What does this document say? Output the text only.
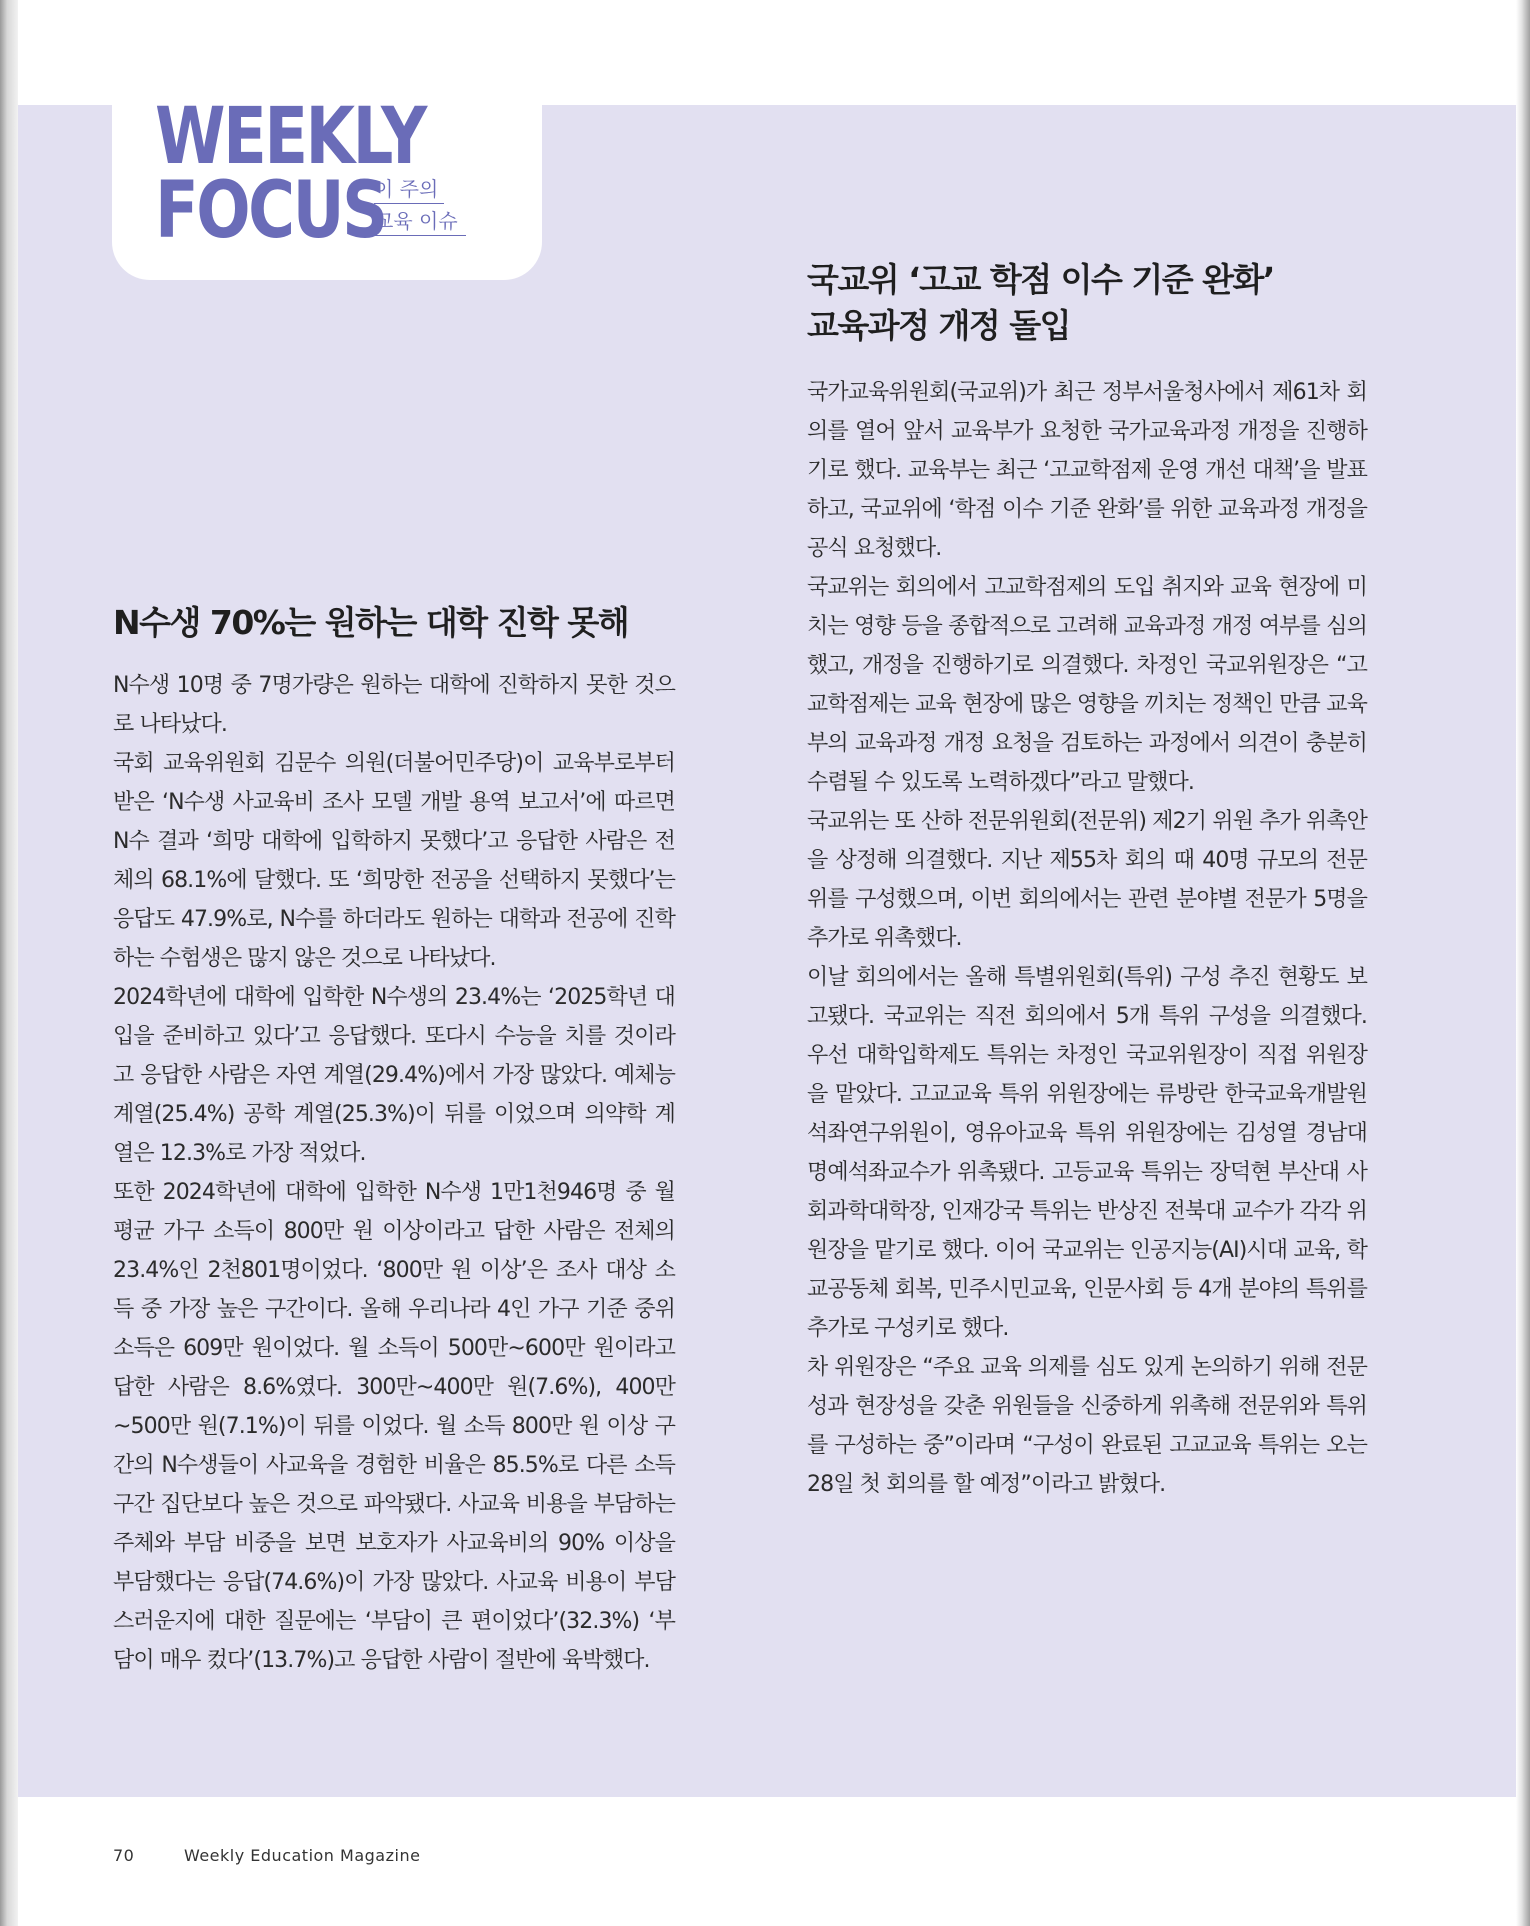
WEEKLY
FOCUS
이 주의
교육 이슈
N수생 70%는 원하는 대학 진학 못해

N수생 10명 중 7명가량은 원하는 대학에 진학하지 못한 것으로 나타났다.

국회 교육위원회 김문수 의원(더불어민주당)이 교육부로부터 받은 ‘N수생 사교육비 조사 모델 개발 용역 보고서’에 따르면 N수 결과 ‘희망 대학에 입학하지 못했다’고 응답한 사람은 전체의 68.1%에 달했다. 또 ‘희망한 전공을 선택하지 못했다’는 응답도 47.9%로, N수를 하더라도 원하는 대학과 전공에 진학하는 수험생은 많지 않은 것으로 나타났다.

2024학년에 대학에 입학한 N수생의 23.4%는 ‘2025학년 대입을 준비하고 있다’고 응답했다. 또다시 수능을 치를 것이라고 응답한 사람은 자연 계열(29.4%)에서 가장 많았다. 예체능 계열(25.4%) 공학 계열(25.3%)이 뒤를 이었으며 의약학 계열은 12.3%로 가장 적었다.

또한 2024학년에 대학에 입학한 N수생 1만1천946명 중 월평균 가구 소득이 800만 원 이상이라고 답한 사람은 전체의 23.4%인 2천801명이었다. ‘800만 원 이상’은 조사 대상 소득 중 가장 높은 구간이다. 올해 우리나라 4인 가구 기준 중위 소득은 609만 원이었다. 월 소득이 500만~600만 원이라고 답한 사람은 8.6%였다. 300만~400만 원(7.6%), 400만~500만 원(7.1%)이 뒤를 이었다. 월 소득 800만 원 이상 구간의 N수생들이 사교육을 경험한 비율은 85.5%로 다른 소득 구간 집단보다 높은 것으로 파악됐다. 사교육 비용을 부담하는 주체와 부담 비중을 보면 보호자가 사교육비의 90% 이상을 부담했다는 응답(74.6%)이 가장 많았다. 사교육 비용이 부담스러운지에 대한 질문에는 ‘부담이 큰 편이었다’(32.3%) ‘부담이 매우 컸다’(13.7%)고 응답한 사람이 절반에 육박했다.

국교위 ‘고교 학점 이수 기준 완화’
교육과정 개정 돌입

국가교육위원회(국교위)가 최근 정부서울청사에서 제61차 회의를 열어 앞서 교육부가 요청한 국가교육과정 개정을 진행하기로 했다. 교육부는 최근 ‘고교학점제 운영 개선 대책’을 발표하고, 국교위에 ‘학점 이수 기준 완화’를 위한 교육과정 개정을 공식 요청했다.

국교위는 회의에서 고교학점제의 도입 취지와 교육 현장에 미치는 영향 등을 종합적으로 고려해 교육과정 개정 여부를 심의했고, 개정을 진행하기로 의결했다. 차정인 국교위원장은 “고교학점제는 교육 현장에 많은 영향을 끼치는 정책인 만큼 교육부의 교육과정 개정 요청을 검토하는 과정에서 의견이 충분히 수렴될 수 있도록 노력하겠다”라고 말했다.

국교위는 또 산하 전문위원회(전문위) 제2기 위원 추가 위촉안을 상정해 의결했다. 지난 제55차 회의 때 40명 규모의 전문위를 구성했으며, 이번 회의에서는 관련 분야별 전문가 5명을 추가로 위촉했다.

이날 회의에서는 올해 특별위원회(특위) 구성 추진 현황도 보고됐다. 국교위는 직전 회의에서 5개 특위 구성을 의결했다. 우선 대학입학제도 특위는 차정인 국교위원장이 직접 위원장을 맡았다. 고교교육 특위 위원장에는 류방란 한국교육개발원 석좌연구위원이, 영유아교육 특위 위원장에는 김성열 경남대 명예석좌교수가 위촉됐다. 고등교육 특위는 장덕현 부산대 사회과학대학장, 인재강국 특위는 반상진 전북대 교수가 각각 위원장을 맡기로 했다. 이어 국교위는 인공지능(AI)시대 교육, 학교공동체 회복, 민주시민교육, 인문사회 등 4개 분야의 특위를 추가로 구성키로 했다.

차 위원장은 “주요 교육 의제를 심도 있게 논의하기 위해 전문성과 현장성을 갖춘 위원들을 신중하게 위촉해 전문위와 특위를 구성하는 중”이라며 “구성이 완료된 고교교육 특위는 오는 28일 첫 회의를 할 예정”이라고 밝혔다.

70	Weekly Education Magazine
